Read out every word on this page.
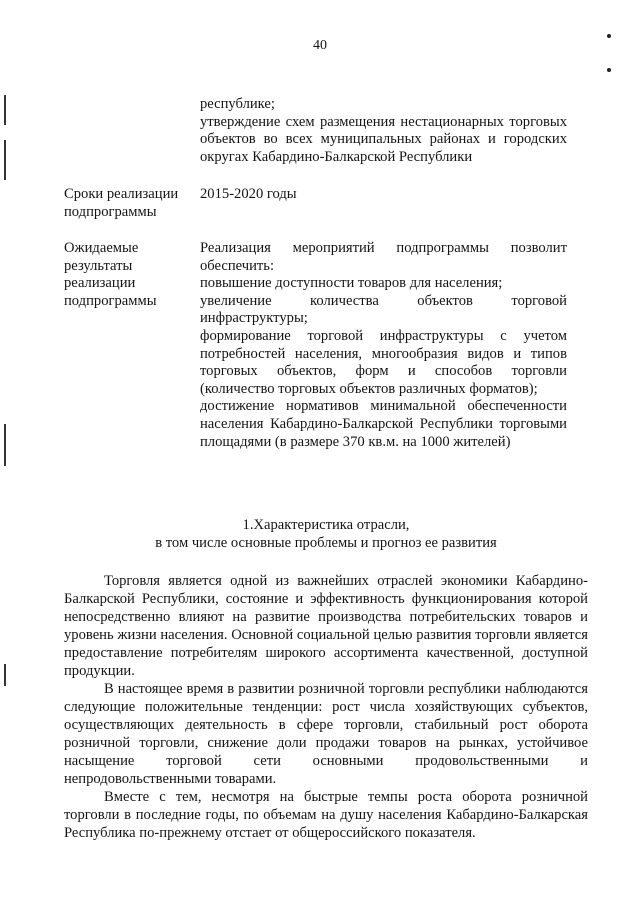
40

республике;

утверждение схем размещения нестационарных торговых объектов во всех муниципальных районах и городских округах Кабардино-Балкарской Республики

Сроки реализации подпрограммы

2015-2020 годы

Ожидаемые результаты реализации подпрограммы

Реализация мероприятий подпрограммы позволит обеспечить:

повышение доступности товаров для населения;

увеличение количества объектов торговой инфраструктуры;

формирование торговой инфраструктуры с учетом потребностей населения, многообразия видов и типов торговых объектов, форм и способов торговли (количество торговых объектов различных форматов);

достижение нормативов минимальной обеспеченности населения Кабардино-Балкарской Республики торговыми площадями (в размере 370 кв.м. на 1000 жителей)

1.Характеристика отрасли,

в том числе основные проблемы и прогноз ее развития

Торговля является одной из важнейших отраслей экономики Кабардино-Балкарской Республики, состояние и эффективность функционирования которой непосредственно влияют на развитие производства потребительских товаров и уровень жизни населения. Основной социальной целью развития торговли является предоставление потребителям широкого ассортимента качественной, доступной продукции.

В настоящее время в развитии розничной торговли республики наблюдаются следующие положительные тенденции: рост числа хозяйствующих субъектов, осуществляющих деятельность в сфере торговли, стабильный рост оборота розничной торговли, снижение доли продажи товаров на рынках, устойчивое насыщение торговой сети основными продовольственными и непродовольственными товарами.

Вместе с тем, несмотря на быстрые темпы роста оборота розничной торговли в последние годы, по объемам на душу населения Кабардино-Балкарская Республика по-прежнему отстает от общероссийского показателя.
